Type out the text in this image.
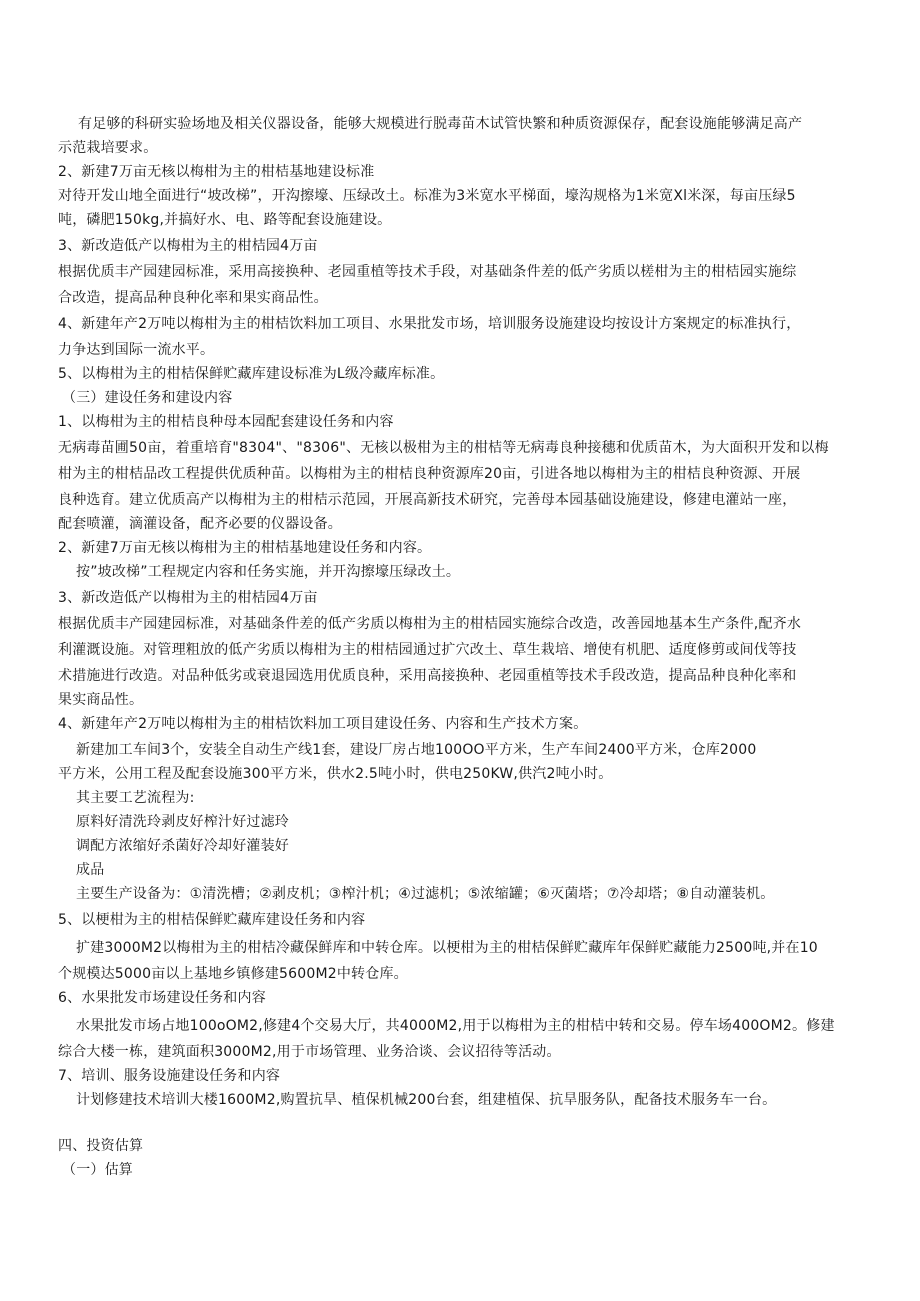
有足够的科研实验场地及相关仪器设备，能够大规模进行脱毒苗木试管快繁和种质资源保存，配套设施能够满足高产
示范栽培要求。
2、新建7万亩无核以梅柑为主的柑桔基地建设标准
对待开发山地全面进行“坡改梯”，开沟擦壕、压绿改土。标准为3米宽水平梯面，壕沟规格为1米宽Xl米深，每亩压绿5
吨，磷肥150kg,并搞好水、电、路等配套设施建设。
3、新改造低产以梅柑为主的柑桔园4万亩
根据优质丰产园建园标准，采用高接换种、老园重植等技术手段，对基础条件差的低产劣质以槎柑为主的柑桔园实施综
合改造，提高品种良种化率和果实商品性。
4、新建年产2万吨以梅柑为主的柑桔饮料加工项目、水果批发市场，培训服务设施建设均按设计方案规定的标准执行，
力争达到国际一流水平。
5、以梅柑为主的柑桔保鲜贮藏库建设标准为L级冷藏库标准。
（三）建设任务和建设内容
1、以梅柑为主的柑桔良种母本园配套建设任务和内容
无病毒苗圃50亩，着重培育"8304"、"8306"、无核以极柑为主的柑桔等无病毒良种接穗和优质苗木，为大面积开发和以梅
柑为主的柑桔品改工程提供优质种苗。以梅柑为主的柑桔良种资源库20亩，引进各地以梅柑为主的柑桔良种资源、开展
良种选育。建立优质高产以梅柑为主的柑桔示范园，开展高新技术研究，完善母本园基础设施建设，修建电灌站一座，
配套喷灌，滴灌设备，配齐必要的仪器设备。
2、新建7万亩无核以梅柑为主的柑桔基地建设任务和内容。
按”坡改梯”工程规定内容和任务实施，并开沟擦壕压绿改土。
3、新改造低产以梅柑为主的柑桔园4万亩
根据优质丰产园建园标准，对基础条件差的低产劣质以梅柑为主的柑桔园实施综合改造，改善园地基本生产条件,配齐水
利灌溉设施。对管理粗放的低产劣质以梅柑为主的柑桔园通过扩穴改土、草生栽培、增使有机肥、适度修剪或间伐等技
术措施进行改造。对品种低劣或衰退园选用优质良种，采用高接换种、老园重植等技术手段改造，提高品种良种化率和
果实商品性。
4、新建年产2万吨以梅柑为主的柑桔饮料加工项目建设任务、内容和生产技术方案。
新建加工车间3个，安装全自动生产线1套，建设厂房占地100OO平方米，生产车间2400平方米，仓库2000
平方米，公用工程及配套设施300平方米，供水2.5吨小时，供电250KW,供汽2吨小时。
其主要工艺流程为:
原料好清洗玲剥皮好榨汁好过滤玲
调配方浓缩好杀菌好冷却好灌装好
成品
主要生产设备为：①清洗槽；②剥皮机；③榨汁机；④过滤机；⑤浓缩罐；⑥灭菌塔；⑦冷却塔；⑧自动灌装机。
5、以梗柑为主的柑桔保鲜贮藏库建设任务和内容
扩建3000M2以梅柑为主的柑桔冷藏保鲜库和中转仓库。以梗柑为主的柑桔保鲜贮藏库年保鲜贮藏能力2500吨,并在10
个规模达5000亩以上基地乡镇修建5600M2中转仓库。
6、水果批发市场建设任务和内容
水果批发市场占地100oOM2,修建4个交易大厅，共4000M2,用于以梅柑为主的柑桔中转和交易。停车场400OM2。修建
综合大楼一栋，建筑面积3000M2,用于市场管理、业务洽谈、会议招待等活动。
7、培训、服务设施建设任务和内容
计划修建技术培训大楼1600M2,购置抗旱、植保机械200台套，组建植保、抗旱服务队，配备技术服务车一台。
四、投资估算
（一）估算
